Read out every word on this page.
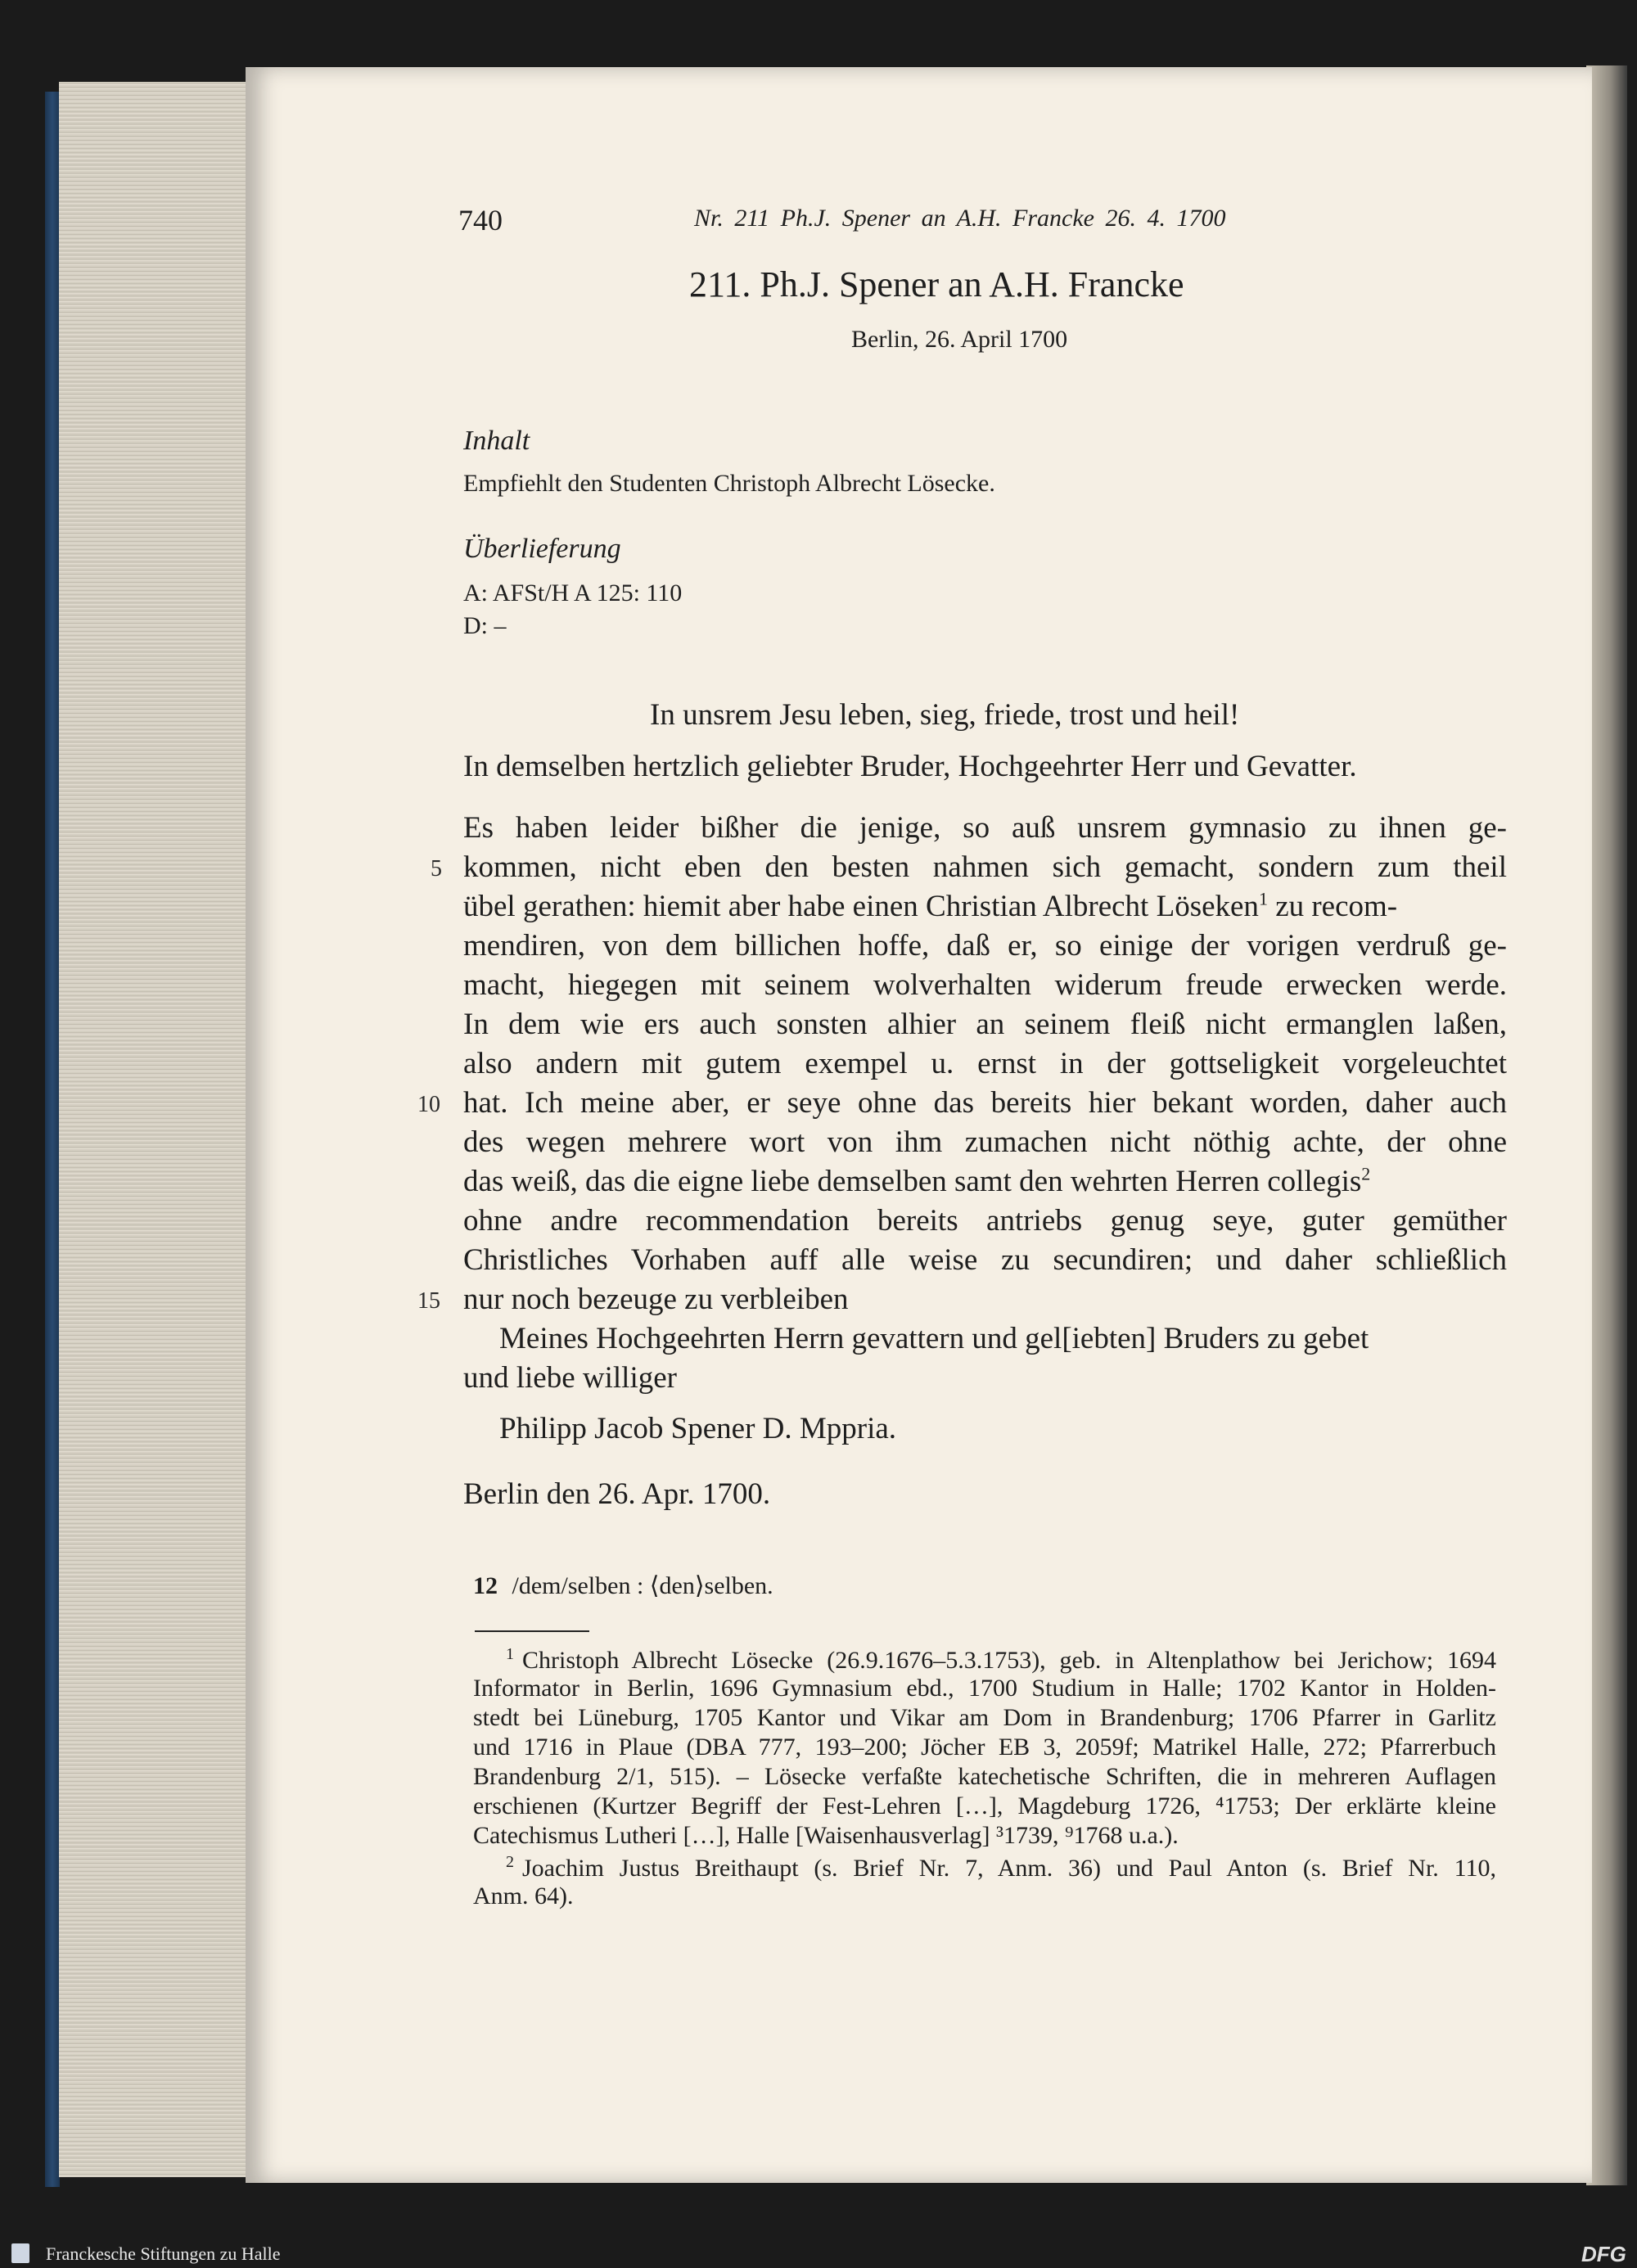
740	Nr. 211 Ph.J. Spener an A.H. Francke 26. 4. 1700
211. Ph.J. Spener an A.H. Francke
Berlin, 26. April 1700
Inhalt
Empfiehlt den Studenten Christoph Albrecht Lösecke.
Überlieferung
A: AFSt/H A 125: 110
D: –
In unsrem Jesu leben, sieg, friede, trost und heil!
In demselben hertzlich geliebter Bruder, Hochgeehrter Herr und Gevatter.
Es haben leider bißher die jenige, so auß unsrem gymnasio zu ihnen ge-
kommen, nicht eben den besten nahmen sich gemacht, sondern zum theil
übel gerathen: hiemit aber habe einen Christian Albrecht Löseken$^1$ zu recom-
mendiren, von dem billichen hoffe, daß er, so einige der vorigen verdruß ge-
macht, hiegegen mit seinem wolverhalten widerum freude erwecken werde.
In dem wie ers auch sonsten alhier an seinem fleiß nicht ermanglen laßen,
also andern mit gutem exempel u. ernst in der gottseligkeit vorgeleuchtet
hat. Ich meine aber, er seye ohne das bereits hier bekant worden, daher auch
des wegen mehrere wort von ihm zumachen nicht nöthig achte, der ohne
das weiß, das die eigne liebe demselben samt den wehrten Herren collegis$^2$
ohne andre recommendation bereits antriebs genug seye, guter gemüther
Christliches Vorhaben auff alle weise zu secundiren; und daher schließlich
nur noch bezeuge zu verbleiben
5
10
15
Meines Hochgeehrten Herrn gevattern und gel[iebten] Bruders zu gebet
und liebe williger
Philipp Jacob Spener D. Mppria.
Berlin den 26. Apr. 1700.
12 /dem/selben : ⟨den⟩selben.
$^1$ Christoph Albrecht Lösecke (26.9.1676–5.3.1753), geb. in Altenplathow bei Jerichow; 1694
Informator in Berlin, 1696 Gymnasium ebd., 1700 Studium in Halle; 1702 Kantor in Holden-
stedt bei Lüneburg, 1705 Kantor und Vikar am Dom in Brandenburg; 1706 Pfarrer in Garlitz
und 1716 in Plaue (DBA 777, 193–200; Jöcher EB 3, 2059f; Matrikel Halle, 272; Pfarrerbuch
Brandenburg 2/1, 515). – Lösecke verfaßte katechetische Schriften, die in mehreren Auflagen
erschienen (Kurtzer Begriff der Fest-Lehren […], Magdeburg 1726, ⁴1753; Der erklärte kleine
Catechismus Lutheri […], Halle [Waisenhausverlag] ³1739, ⁹1768 u.a.).
$^2$ Joachim Justus Breithaupt (s. Brief Nr. 7, Anm. 36) und Paul Anton (s. Brief Nr. 110,
Anm. 64).
Franckesche Stiftungen zu Halle	DFG
